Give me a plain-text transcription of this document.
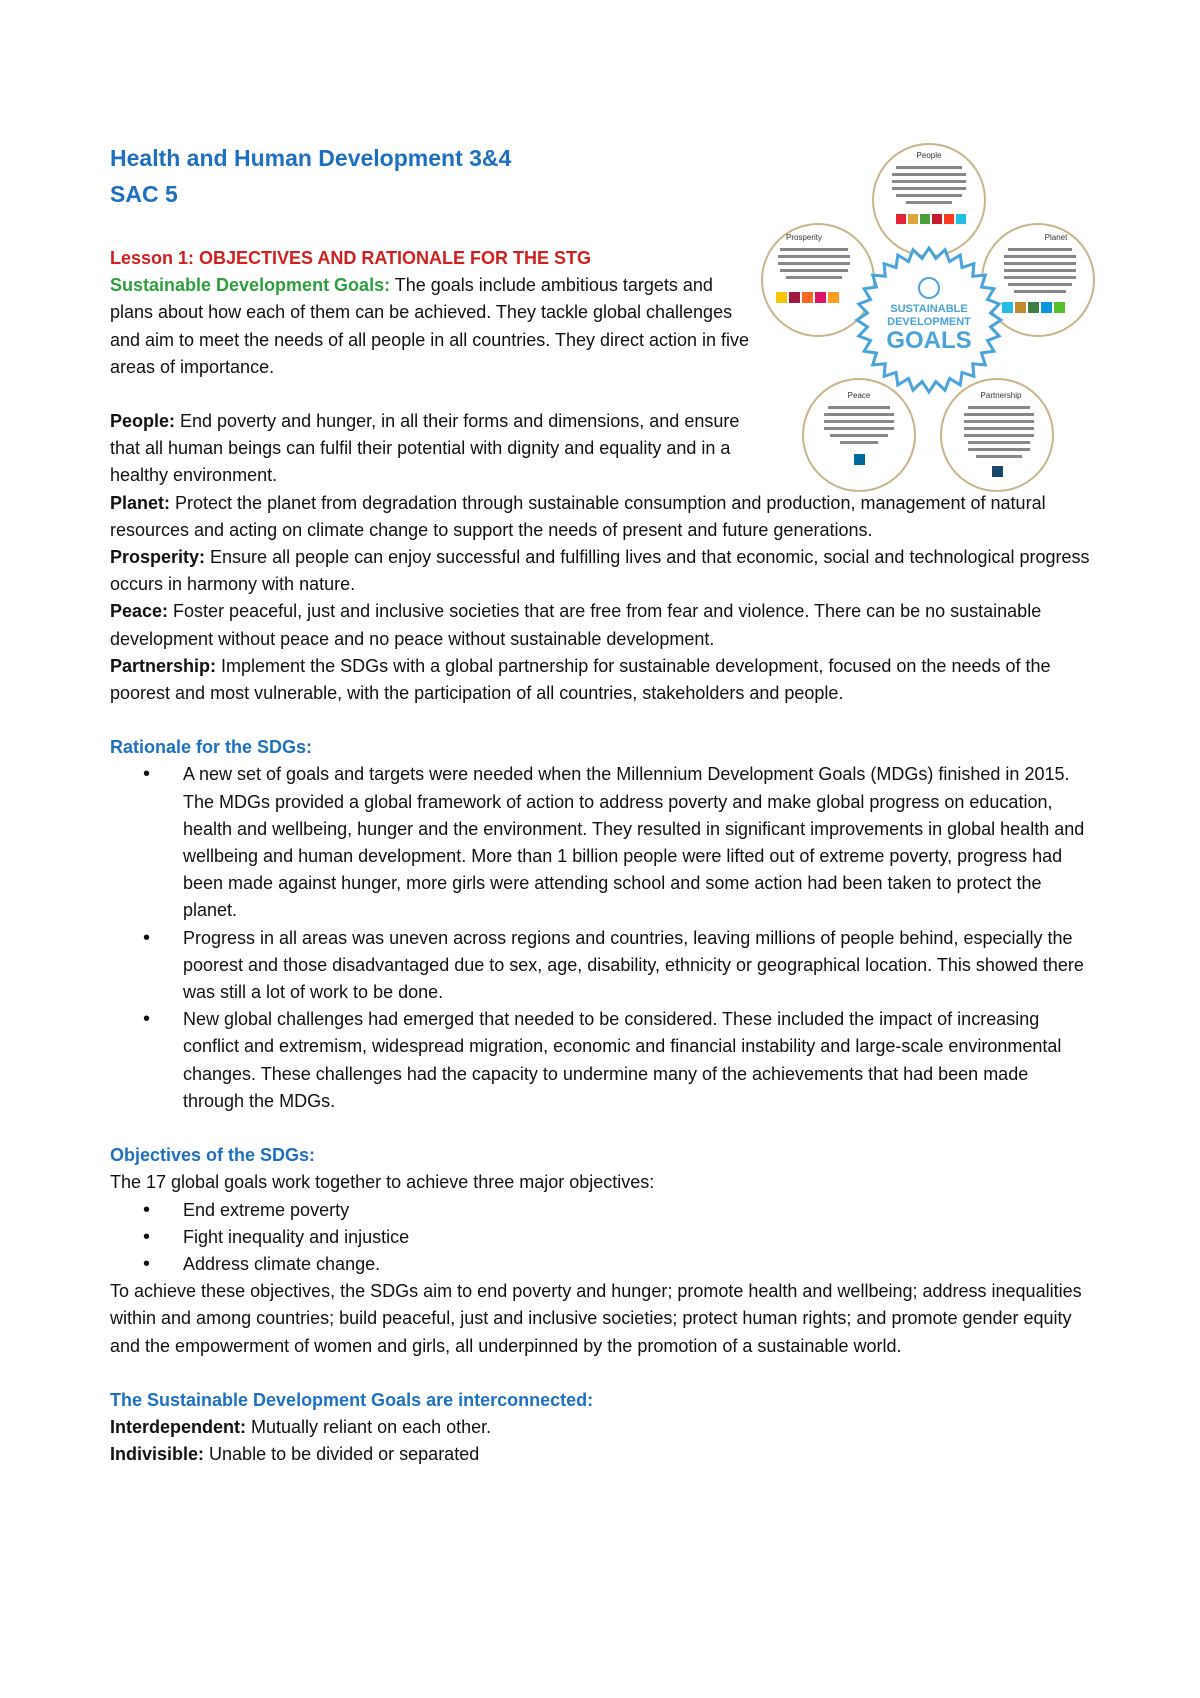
Health and Human Development 3&4

SAC 5

Lesson 1: OBJECTIVES AND RATIONALE FOR THE STG

Sustainable Development Goals: The goals include ambitious targets and plans about how each of them can be achieved. They tackle global challenges and aim to meet the needs of all people in all countries. They direct action in five areas of importance.

People: End poverty and hunger, in all their forms and dimensions, and ensure that all human beings can fulfil their potential with dignity and equality and in a healthy environment.

Planet: Protect the planet from degradation through sustainable consumption and production, management of natural resources and acting on climate change to support the needs of present and future generations.

Prosperity: Ensure all people can enjoy successful and fulfilling lives and that economic, social and technological progress occurs in harmony with nature.

Peace: Foster peaceful, just and inclusive societies that are free from fear and violence. There can be no sustainable development without peace and no peace without sustainable development.

Partnership: Implement the SDGs with a global partnership for sustainable development, focused on the needs of the poorest and most vulnerable, with the participation of all countries, stakeholders and people.

Rationale for the SDGs:

• A new set of goals and targets were needed when the Millennium Development Goals (MDGs) finished in 2015. The MDGs provided a global framework of action to address poverty and make global progress on education, health and wellbeing, hunger and the environment. They resulted in significant improvements in global health and wellbeing and human development. More than 1 billion people were lifted out of extreme poverty, progress had been made against hunger, more girls were attending school and some action had been taken to protect the planet.
• Progress in all areas was uneven across regions and countries, leaving millions of people behind, especially the poorest and those disadvantaged due to sex, age, disability, ethnicity or geographical location. This showed there was still a lot of work to be done.
• New global challenges had emerged that needed to be considered. These included the impact of increasing conflict and extremism, widespread migration, economic and financial instability and large-scale environmental changes. These challenges had the capacity to undermine many of the achievements that had been made through the MDGs.

Objectives of the SDGs:

The 17 global goals work together to achieve three major objectives:

• End extreme poverty
• Fight inequality and injustice
• Address climate change.

To achieve these objectives, the SDGs aim to end poverty and hunger; promote health and wellbeing; address inequalities within and among countries; build peaceful, just and inclusive societies; protect human rights; and promote gender equity and the empowerment of women and girls, all underpinned by the promotion of a sustainable world.

The Sustainable Development Goals are interconnected:

Interdependent: Mutually reliant on each other.

Indivisible: Unable to be divided or separated

People
Planet
Prosperity
Peace	Partnership
SUSTAINABLE
DEVELOPMENT
GOALS
